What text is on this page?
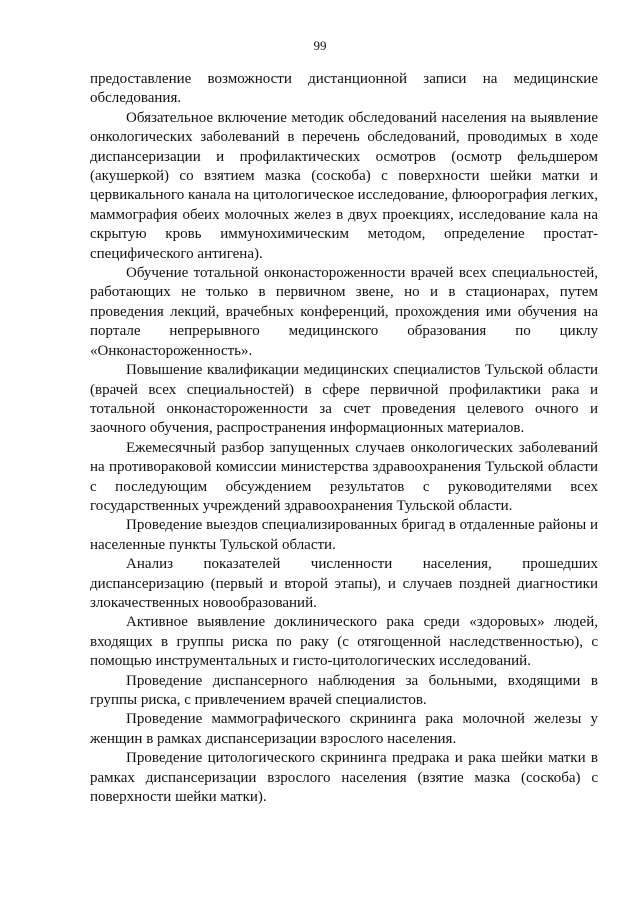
99

предоставление возможности дистанционной записи на медицинские обследования.

Обязательное включение методик обследований населения на выявление онкологических заболеваний в перечень обследований, проводимых в ходе диспансеризации и профилактических осмотров (осмотр фельдшером (акушеркой) со взятием мазка (соскоба) с поверхности шейки матки и цервикального канала на цитологическое исследование, флюорография легких, маммография обеих молочных желез в двух проекциях, исследование кала на скрытую кровь иммунохимическим методом, определение простат-специфического антигена).

Обучение тотальной онконастороженности врачей всех специальностей, работающих не только в первичном звене, но и в стационарах, путем проведения лекций, врачебных конференций, прохождения ими обучения на портале непрерывного медицинского образования по циклу «Онконастороженность».

Повышение квалификации медицинских специалистов Тульской области (врачей всех специальностей) в сфере первичной профилактики рака и тотальной онконастороженности за счет проведения целевого очного и заочного обучения, распространения информационных материалов.

Ежемесячный разбор запущенных случаев онкологических заболеваний на противораковой комиссии министерства здравоохранения Тульской области с последующим обсуждением результатов с руководителями всех государственных учреждений здравоохранения Тульской области.

Проведение выездов специализированных бригад в отдаленные районы и населенные пункты Тульской области.

Анализ показателей численности населения, прошедших диспансеризацию (первый и второй этапы), и случаев поздней диагностики злокачественных новообразований.

Активное выявление доклинического рака среди «здоровых» людей, входящих в группы риска по раку (с отягощенной наследственностью), с помощью инструментальных и гисто-цитологических исследований.

Проведение диспансерного наблюдения за больными, входящими в группы риска, с привлечением врачей специалистов.

Проведение маммографического скрининга рака молочной железы у женщин в рамках диспансеризации взрослого населения.

Проведение цитологического скрининга предрака и рака шейки матки в рамках диспансеризации взрослого населения (взятие мазка (соскоба) с поверхности шейки матки).
